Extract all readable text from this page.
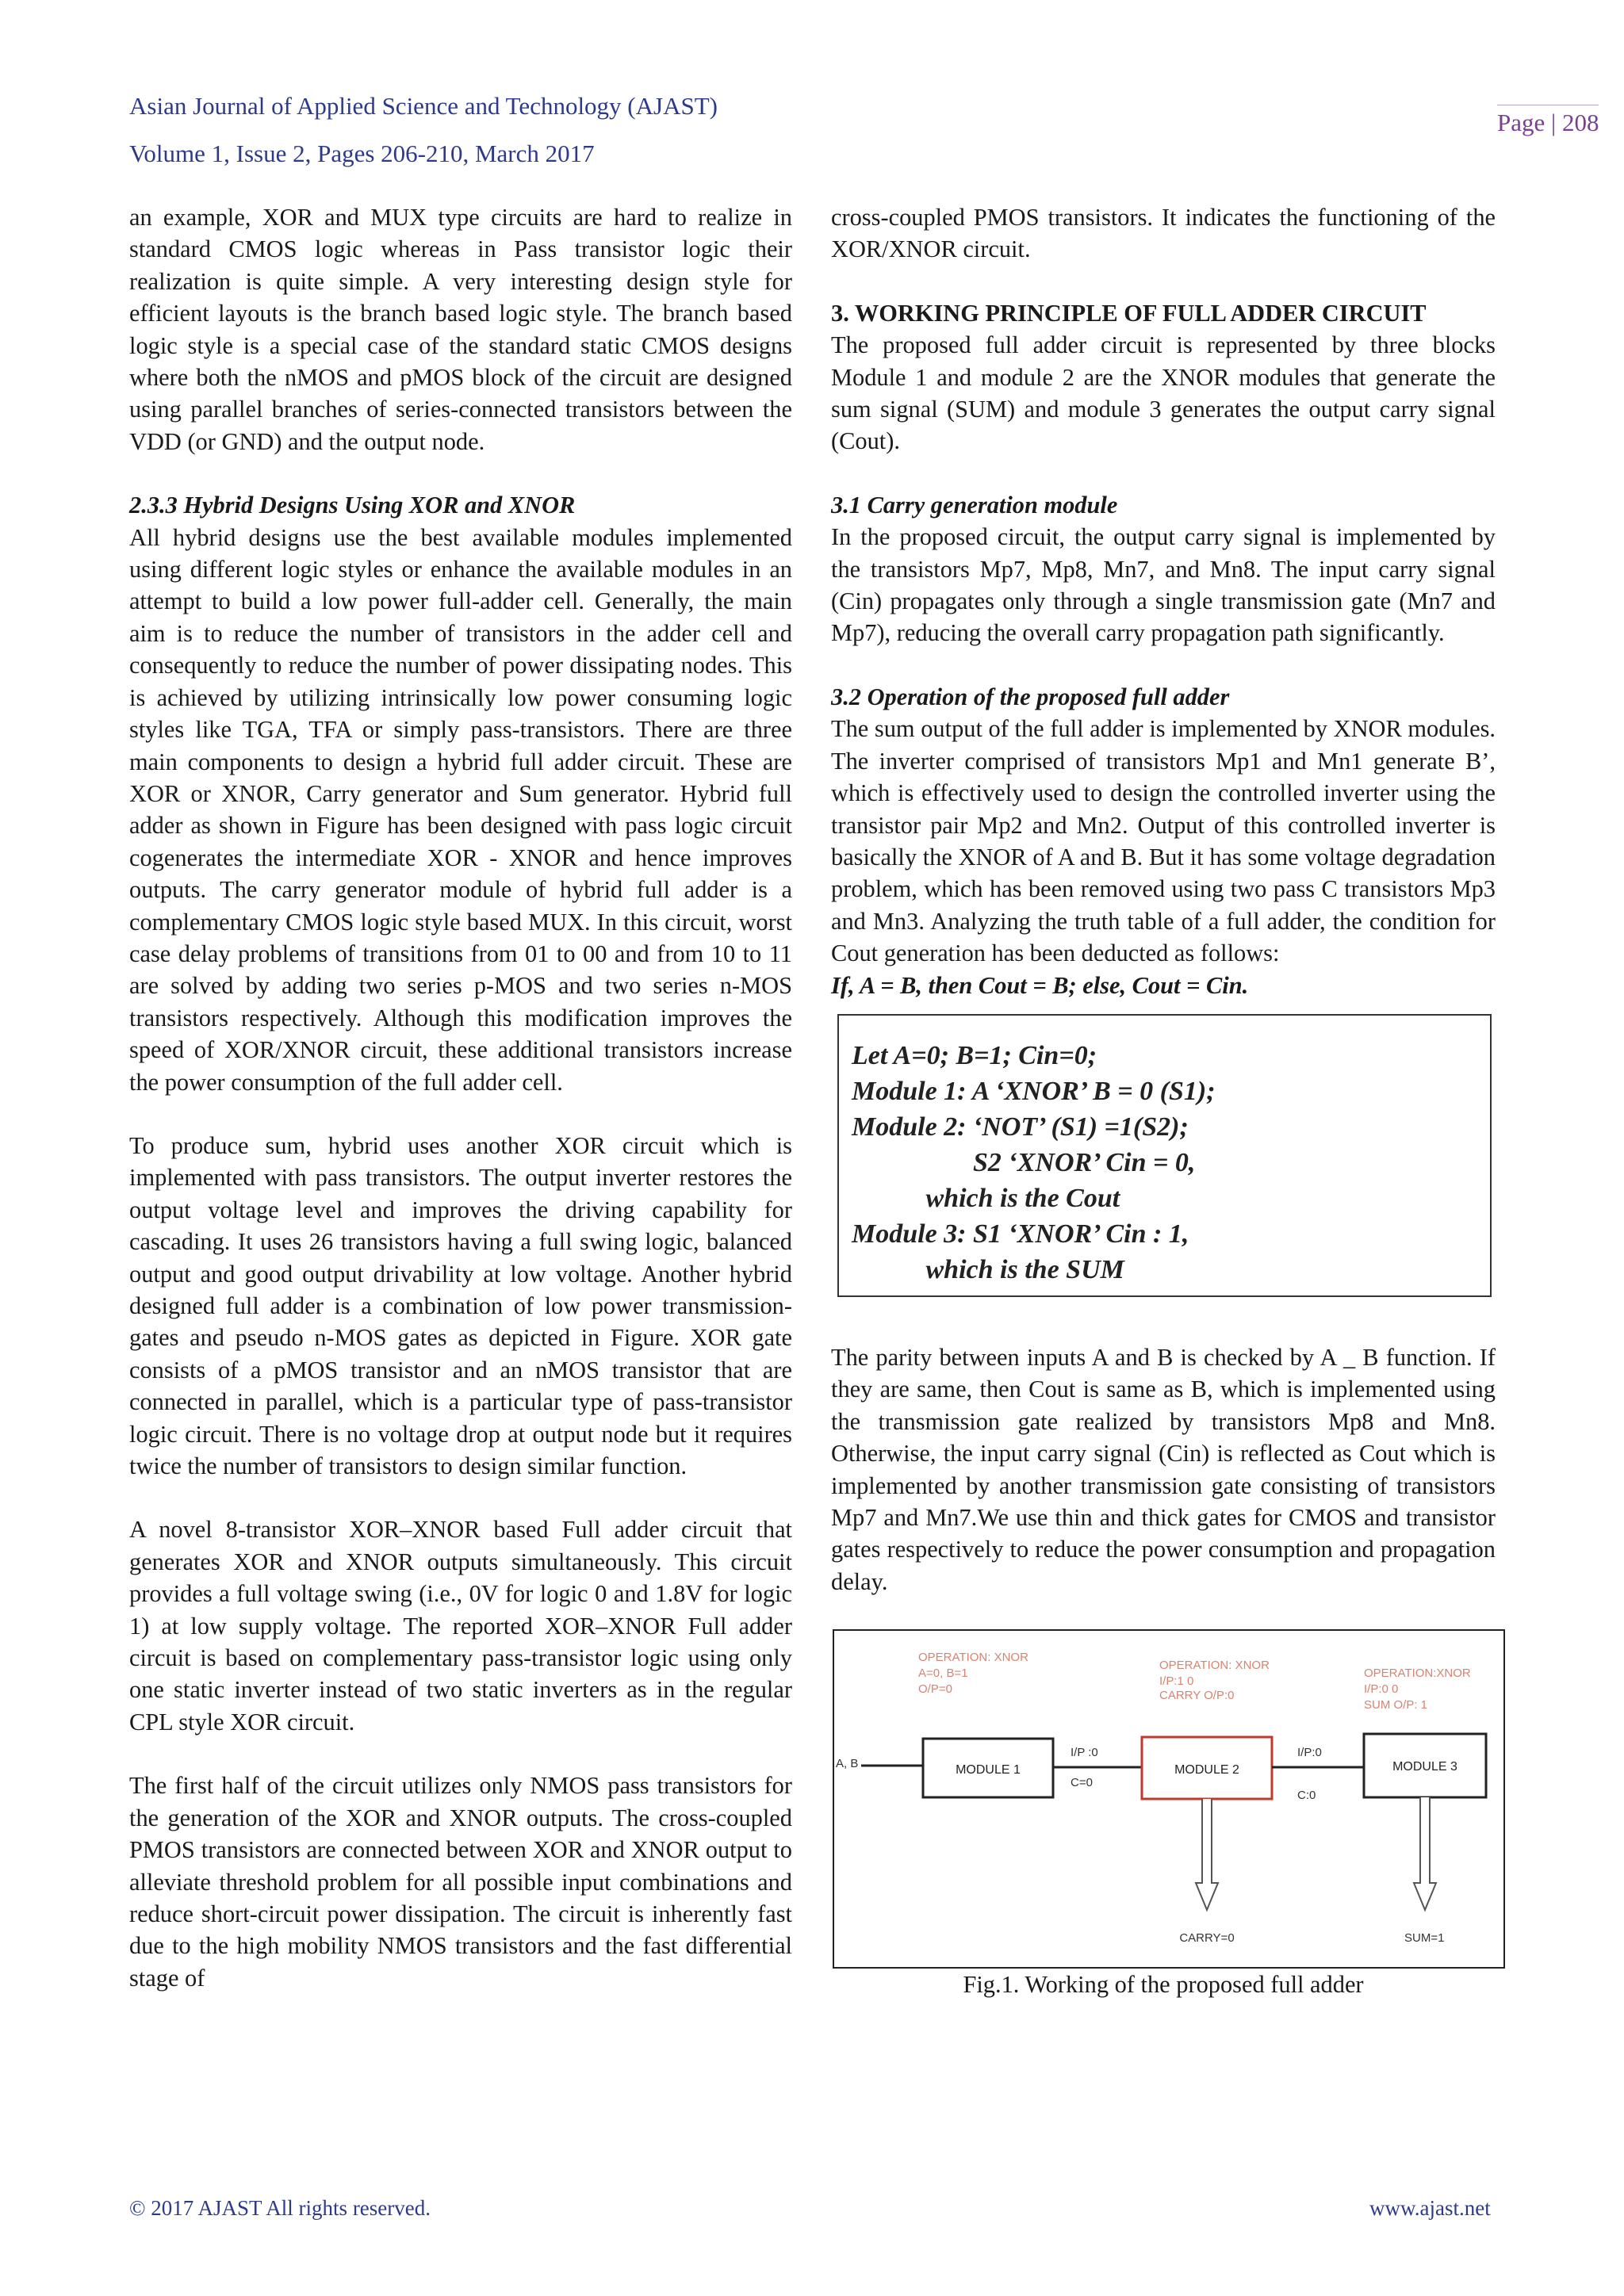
Asian Journal of Applied Science and Technology (AJAST)
Volume 1, Issue 2, Pages 206-210, March 2017
Page | 208

an example, XOR and MUX type circuits are hard to realize in standard CMOS logic whereas in Pass transistor logic their realization is quite simple. A very interesting design style for efficient layouts is the branch based logic style. The branch based logic style is a special case of the standard static CMOS designs where both the nMOS and pMOS block of the circuit are designed using parallel branches of series-connected transistors between the VDD (or GND) and the output node.

2.3.3 Hybrid Designs Using XOR and XNOR

All hybrid designs use the best available modules implemented using different logic styles or enhance the available modules in an attempt to build a low power full-adder cell. Generally, the main aim is to reduce the number of transistors in the adder cell and consequently to reduce the number of power dissipating nodes. This is achieved by utilizing intrinsically low power consuming logic styles like TGA, TFA or simply pass-transistors. There are three main components to design a hybrid full adder circuit. These are XOR or XNOR, Carry generator and Sum generator. Hybrid full adder as shown in Figure has been designed with pass logic circuit cogenerates the intermediate XOR - XNOR and hence improves outputs. The carry generator module of hybrid full adder is a complementary CMOS logic style based MUX. In this circuit, worst case delay problems of transitions from 01 to 00 and from 10 to 11 are solved by adding two series p-MOS and two series n-MOS transistors respectively. Although this modification improves the speed of XOR/XNOR circuit, these additional transistors increase the power consumption of the full adder cell.

To produce sum, hybrid uses another XOR circuit which is implemented with pass transistors. The output inverter restores the output voltage level and improves the driving capability for cascading. It uses 26 transistors having a full swing logic, balanced output and good output drivability at low voltage. Another hybrid designed full adder is a combination of low power transmission-gates and pseudo n-MOS gates as depicted in Figure. XOR gate consists of a pMOS transistor and an nMOS transistor that are connected in parallel, which is a particular type of pass-transistor logic circuit. There is no voltage drop at output node but it requires twice the number of transistors to design similar function.

A novel 8-transistor XOR–XNOR based Full adder circuit that generates XOR and XNOR outputs simultaneously. This circuit provides a full voltage swing (i.e., 0V for logic 0 and 1.8V for logic 1) at low supply voltage. The reported XOR–XNOR Full adder circuit is based on complementary pass-transistor logic using only one static inverter instead of two static inverters as in the regular CPL style XOR circuit.

The first half of the circuit utilizes only NMOS pass transistors for the generation of the XOR and XNOR outputs. The cross-coupled PMOS transistors are connected between XOR and XNOR output to alleviate threshold problem for all possible input combinations and reduce short-circuit power dissipation. The circuit is inherently fast due to the high mobility NMOS transistors and the fast differential stage of

cross-coupled PMOS transistors. It indicates the functioning of the XOR/XNOR circuit.

3. WORKING PRINCIPLE OF FULL ADDER CIRCUIT

The proposed full adder circuit is represented by three blocks Module 1 and module 2 are the XNOR modules that generate the sum signal (SUM) and module 3 generates the output carry signal (Cout).

3.1 Carry generation module

In the proposed circuit, the output carry signal is implemented by the transistors Mp7, Mp8, Mn7, and Mn8. The input carry signal (Cin) propagates only through a single transmission gate (Mn7 and Mp7), reducing the overall carry propagation path significantly.

3.2 Operation of the proposed full adder

The sum output of the full adder is implemented by XNOR modules. The inverter comprised of transistors Mp1 and Mn1 generate B’, which is effectively used to design the controlled inverter using the transistor pair Mp2 and Mn2. Output of this controlled inverter is basically the XNOR of A and B. But it has some voltage degradation problem, which has been removed using two pass C transistors Mp3 and Mn3. Analyzing the truth table of a full adder, the condition for Cout generation has been deducted as follows:

If, A = B, then Cout = B; else, Cout = Cin.

Let A=0; B=1; Cin=0;
Module 1: A ‘XNOR’ B = 0 (S1);
Module 2: ‘NOT’ (S1) =1(S2);
S2 ‘XNOR’ Cin = 0,
which is the Cout
Module 3: S1 ‘XNOR’ Cin : 1,
which is the SUM

The parity between inputs A and B is checked by A _ B function. If they are same, then Cout is same as B, which is implemented using the transmission gate realized by transistors Mp8 and Mn8. Otherwise, the input carry signal (Cin) is reflected as Cout which is implemented by another transmission gate consisting of transistors Mp7 and Mn7.We use thin and thick gates for CMOS and transistor gates respectively to reduce the power consumption and propagation delay.

OPERATION: XNOR
A=0, B=1
O/P=0
OPERATION: XNOR
I/P:1 0
CARRY O/P:0
OPERATION:XNOR
I/P:0 0
SUM O/P: 1
A, B	MODULE 1
I/P :0
C=0
MODULE 2
I/P:0
C:0
MODULE 3
CARRY=0	SUM=1

Fig.1. Working of the proposed full adder

© 2017 AJAST All rights reserved.	www.ajast.net
